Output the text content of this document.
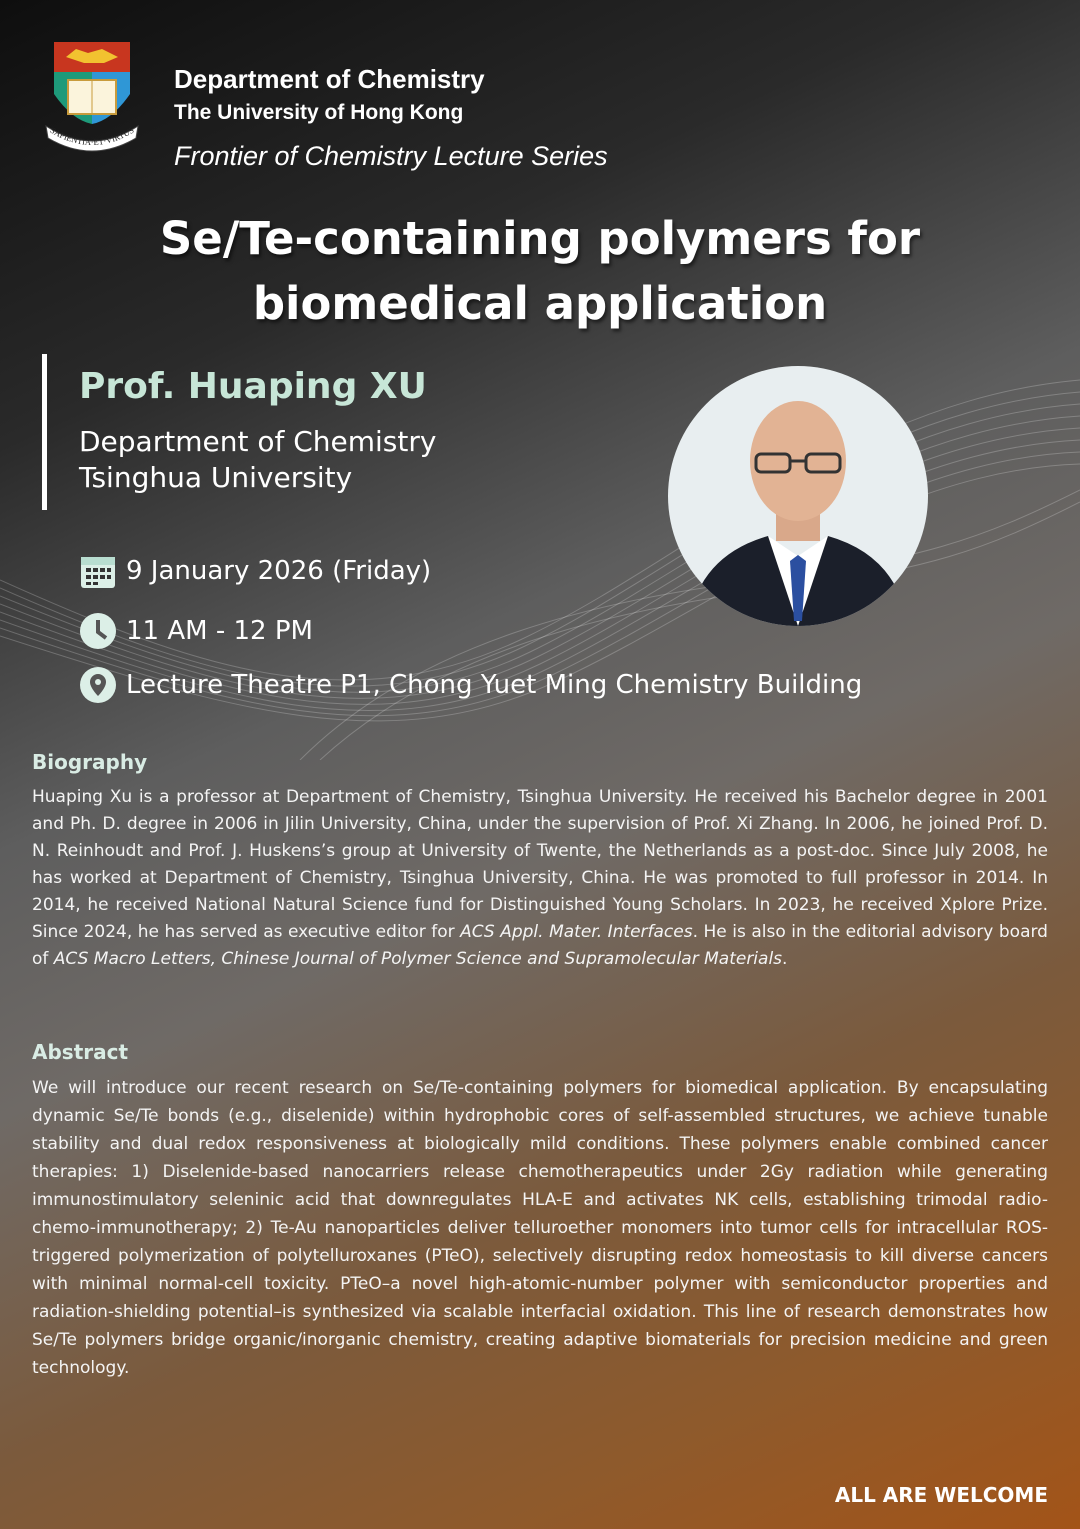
SAPIENTIA·ET·VIRTUS
Department of Chemistry
The University of Hong Kong
Frontier of Chemistry Lecture Series
Se/Te-containing polymers for
biomedical application
Prof. Huaping XU
Department of Chemistry
Tsinghua University
9 January 2026 (Friday)
11 AM - 12 PM
Lecture Theatre P1, Chong Yuet Ming Chemistry Building
Biography
Huaping Xu is a professor at Department of Chemistry, Tsinghua University. He received his Bachelor degree in 2001 and Ph. D. degree in 2006 in Jilin University, China, under the supervision of Prof. Xi Zhang. In 2006, he joined Prof. D. N. Reinhoudt and Prof. J. Huskens’s group at University of Twente, the Netherlands as a post-doc. Since July 2008, he has worked at Department of Chemistry, Tsinghua University, China. He was promoted to full professor in 2014. In 2014, he received National Natural Science fund for Distinguished Young Scholars. In 2023, he received Xplore Prize. Since 2024, he has served as executive editor for ACS Appl. Mater. Interfaces. He is also in the editorial advisory board of ACS Macro Letters, Chinese Journal of Polymer Science and Supramolecular Materials.
Abstract
We will introduce our recent research on Se/Te-containing polymers for biomedical application. By encapsulating dynamic Se/Te bonds (e.g., diselenide) within hydrophobic cores of self-assembled structures, we achieve tunable stability and dual redox responsiveness at biologically mild conditions. These polymers enable combined cancer therapies: 1) Diselenide-based nanocarriers release chemotherapeutics under 2Gy radiation while generating immunostimulatory seleninic acid that downregulates HLA-E and activates NK cells, establishing trimodal radio-chemo-immunotherapy; 2) Te-Au nanoparticles deliver telluroether monomers into tumor cells for intracellular ROS-triggered polymerization of polytelluroxanes (PTeO), selectively disrupting redox homeostasis to kill diverse cancers with minimal normal-cell toxicity. PTeO–a novel high-atomic-number polymer with semiconductor properties and radiation-shielding potential–is synthesized via scalable interfacial oxidation. This line of research demonstrates how Se/Te polymers bridge organic/inorganic chemistry, creating adaptive biomaterials for precision medicine and green technology.
ALL ARE WELCOME
